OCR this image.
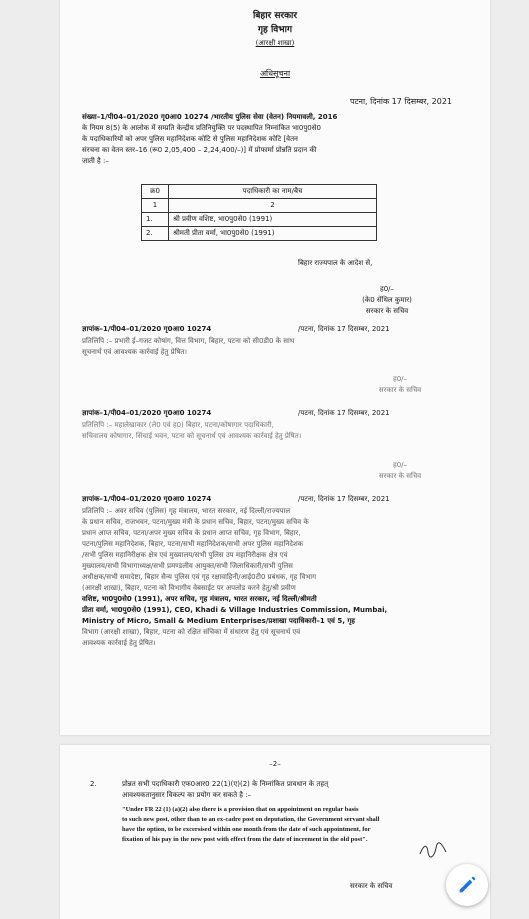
बिहार सरकार
गृह विभाग
(आरक्षी शाखा)
अधिसूचना
पटना, दिनांक 17 दिसम्बर, 2021
संख्या–1/पी04–01/2020 गृ0आ0 10274 /भारतीय पुलिस सेवा (वेतन) नियमावली, 2016
के नियम 8(5) के आलोक में सम्प्रति केन्द्रीय प्रतिनियुक्ति पर पदस्थापित निम्नांकित भा0पु0से0
के पदाधिकारियों को अपर पुलिस महानिदेशक कोटि से पुलिस महानिदेशक कोटि [वेतन
संरचना का वेतन स्तर–16 (रू0 2,05,400 – 2,24,400/–)] में प्रोफार्मा प्रोन्नति प्रदान की
जाती है :–
क्र0	पदाधिकारी का नाम/बैच
1	2
1.	श्री प्रवीण वशिष्ट, भा0पु0से0 (1991)
2.	श्रीमती प्रीता वर्मा, भा0पु0से0 (1991)
बिहार राज्यपाल के आदेश से,
ह0/–
(के0 सेंथिल कुमार)
सरकार के सचिव
ज्ञापांक–1/पी04–01/2020 गृ0आ0 10274	/पटना, दिनांक 17 दिसम्बर, 2021
प्रतिलिपि :– प्रभारी ई–गजट कोषांग, वित्त विभाग, बिहार, पटना को सी0डी0 के साथ
सूचनार्थ एवं आवश्यक कार्रवाई हेतु प्रेषित।
ह0/–
सरकार के सचिव
ज्ञापांक–1/पी04–01/2020 गृ0आ0 10274	/पटना, दिनांक 17 दिसम्बर, 2021
प्रतिलिपि :– महालेखाकार (ले0 एवं ह0) बिहार, पटना/कोषागार पदाधिकारी,
सचिवालय कोषागार, सिंचाई भवन, पटना को सूचनार्थ एवं आवश्यक कार्रवाई हेतु प्रेषित।
ह0/–
सरकार के सचिव
ज्ञापांक–1/पी04–01/2020 गृ0आ0 10274	/पटना, दिनांक 17 दिसम्बर, 2021
प्रतिलिपि :– अवर सचिव (पुलिस) गृह मंत्रालय, भारत सरकार, नई दिल्ली/राज्यपाल
के प्रधान सचिव, राजभवन, पटना/मुख्य मंत्री के प्रधान सचिव, बिहार, पटना/मुख्य सचिव के
प्रधान आप्त सचिव, पटना/अपर मुख्य सचिव के प्रधान आप्त सचिव, गृह विभाग, बिहार,
पटना/पुलिस महानिदेशक, बिहार, पटना/सभी महानिदेशक/सभी अपर पुलिस महानिदेशक
/सभी पुलिस महानिरीक्षक क्षेत्र एवं मुख्यालय/सभी पुलिस उप महानिरीक्षक क्षेत्र एवं
मुख्यालय/सभी विभागाध्यक्ष/सभी प्रमण्डलीय आयुक्त/सभी जिलाधिकारी/सभी पुलिस
अधीक्षक/सभी समादेष्टा, बिहार सैन्य पुलिस एवं गृह रक्षावाहिनी/आई0टी0 प्रबंधक, गृह विभाग
(आरक्षी शाखा), बिहार, पटना को विभागीय वेबसाईट पर अपलोड करने हेतु/श्री प्रवीण
वशिष्ट, भा0पु0से0 (1991), अपर सचिव, गृह मंत्रालय, भारत सरकार, नई दिल्ली/श्रीमती
प्रीता वर्मा, भा0पु0से0 (1991), CEO, Khadi & Village Industries Commission, Mumbai,
Ministry of Micro, Small & Medium Enterprises/प्रशाखा पदाधिकारी–1 एवं 5, गृह
विभाग (आरक्षी शाखा), बिहार, पटना को रक्षित संचिका में संधारण हेतु एवं सूचनार्थ एवं
आवश्यक कार्रवाई हेतु प्रेषित।
–2–
2.	प्रोन्नत सभी पदाधिकारी एफ0आर0 22(1)(ए)(2) के निम्नांकित प्रावधान के तहत्
आवश्यकतानुसार विकल्प का प्रयोग कर सकते है :–
"Under FR 22 (1) (a)(2) also there is a provision that on appointment on regular basis
to such new post, other than to an ex-cadre post on deputation, the Government servant shall
have the option, to be excersised within one month from the date of such appointment, for
fixation of his pay in the new post with effect from the date of increment in the old post".
सरकार के सचिव
